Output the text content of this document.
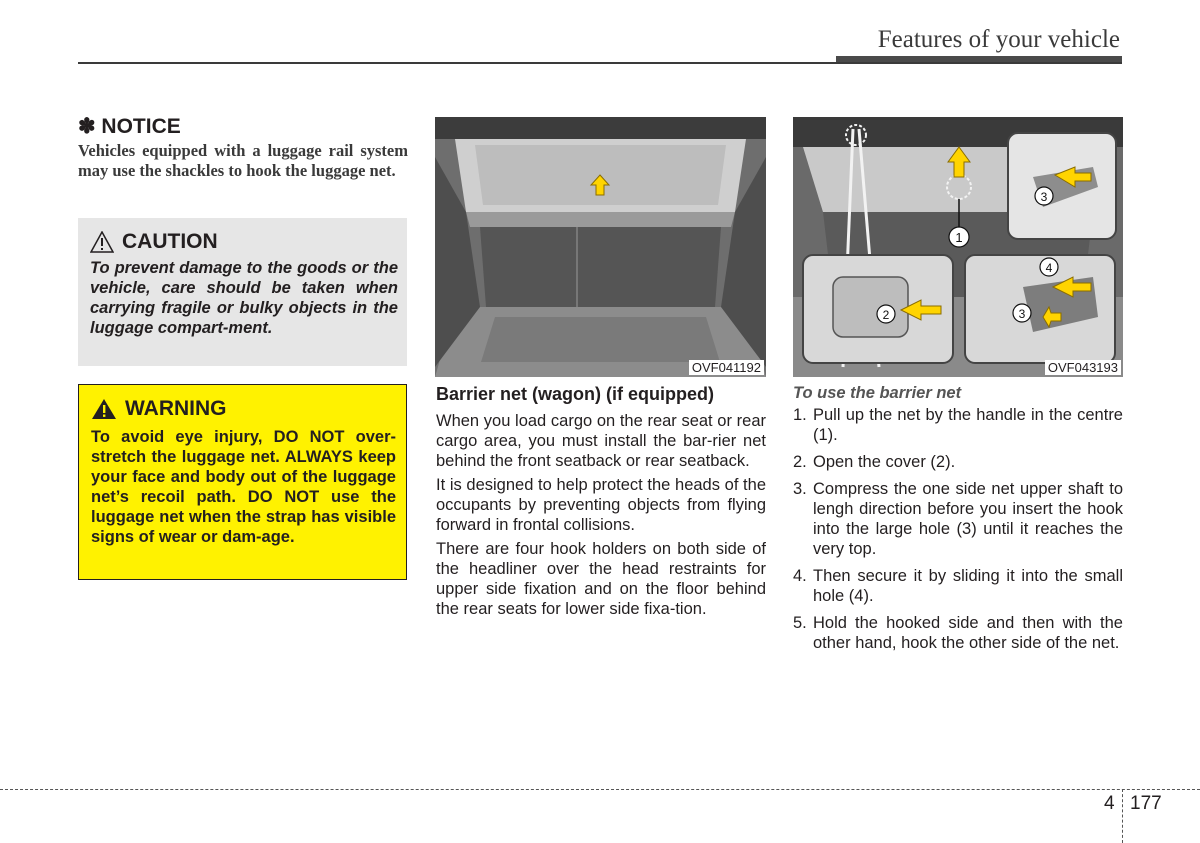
Features of your vehicle
✽ NOTICE
Vehicles equipped with a luggage rail system may use the shackles to hook the luggage net.
CAUTION
To prevent damage to the goods or the vehicle, care should be taken when carrying fragile or bulky objects in the luggage compart-ment.
WARNING
To avoid eye injury, DO NOT over-stretch the luggage net. ALWAYS keep your face and body out of the luggage net’s recoil path. DO NOT use the luggage net when the strap has visible signs of wear or dam-age.
OVF041192
1
3
2
4
3
OVF043193
Barrier net (wagon) (if equipped)
When you load cargo on the rear seat or rear cargo area, you must install the bar-rier net behind the front seatback or rear seatback.
It is designed to help protect the heads of the occupants by preventing objects from flying forward in frontal collisions.
There are four hook holders on both side of the headliner over the head restraints for upper side fixation and on the floor behind the rear seats for lower side fixa-tion.
To use the barrier net
1. Pull up the net by the handle in the centre (1).
2. Open the cover (2).
3. Compress the one side net upper shaft to lengh direction before you insert the hook into the large hole (3) until it reaches the very top.
4. Then secure it by sliding it into the small hole (4).
5. Hold the hooked side and then with the other hand, hook the other side of the net.
4 177
